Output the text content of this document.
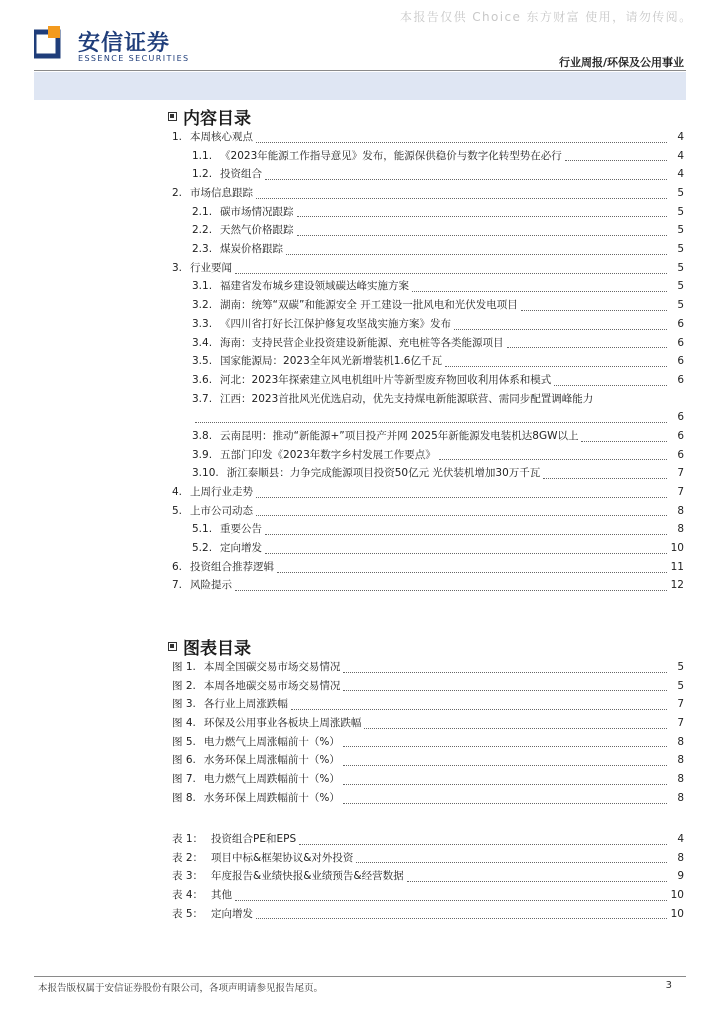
本报告仅供 Choice 东方财富 使用，请勿传阅。
安信证券
ESSENCE SECURITIES	行业周报/环保及公用事业
内容目录
1. 本周核心观点	4
1.1. 《2023年能源工作指导意见》发布，能源保供稳价与数字化转型势在必行	4
1.2. 投资组合	4
2. 市场信息跟踪	5
2.1. 碳市场情况跟踪	5
2.2. 天然气价格跟踪	5
2.3. 煤炭价格跟踪	5
3. 行业要闻	5
3.1. 福建省发布城乡建设领域碳达峰实施方案	5
3.2. 湖南：统筹“双碳”和能源安全 开工建设一批风电和光伏发电项目	5
3.3. 《四川省打好长江保护修复攻坚战实施方案》发布	6
3.4. 海南：支持民营企业投资建设新能源、充电桩等各类能源项目	6
3.5. 国家能源局：2023全年风光新增装机1.6亿千瓦	6
3.6. 河北：2023年探索建立风电机组叶片等新型废弃物回收利用体系和模式	6
3.7. 江西：2023首批风光优选启动，优先支持煤电新能源联营、需同步配置调峰能力
6
3.8. 云南昆明：推动“新能源+”项目投产并网 2025年新能源发电装机达8GW以上	6
3.9. 五部门印发《2023年数字乡村发展工作要点》	6
3.10. 浙江泰顺县：力争完成能源项目投资50亿元 光伏装机增加30万千瓦	7
4. 上周行业走势	7
5. 上市公司动态	8
5.1. 重要公告	8
5.2. 定向增发	10
6. 投资组合推荐逻辑	11
7. 风险提示	12
图表目录
图 1. 本周全国碳交易市场交易情况	5
图 2. 本周各地碳交易市场交易情况	5
图 3. 各行业上周涨跌幅	7
图 4. 环保及公用事业各板块上周涨跌幅	7
图 5. 电力燃气上周涨幅前十（%）	8
图 6. 水务环保上周涨幅前十（%）	8
图 7. 电力燃气上周跌幅前十（%）	8
图 8. 水务环保上周跌幅前十（%）	8
表 1： 投资组合PE和EPS	4
表 2： 项目中标&框架协议&对外投资	8
表 3： 年度报告&业绩快报&业绩预告&经营数据	9
表 4： 其他	10
表 5： 定向增发	10
本报告版权属于安信证券股份有限公司，各项声明请参见报告尾页。	3
